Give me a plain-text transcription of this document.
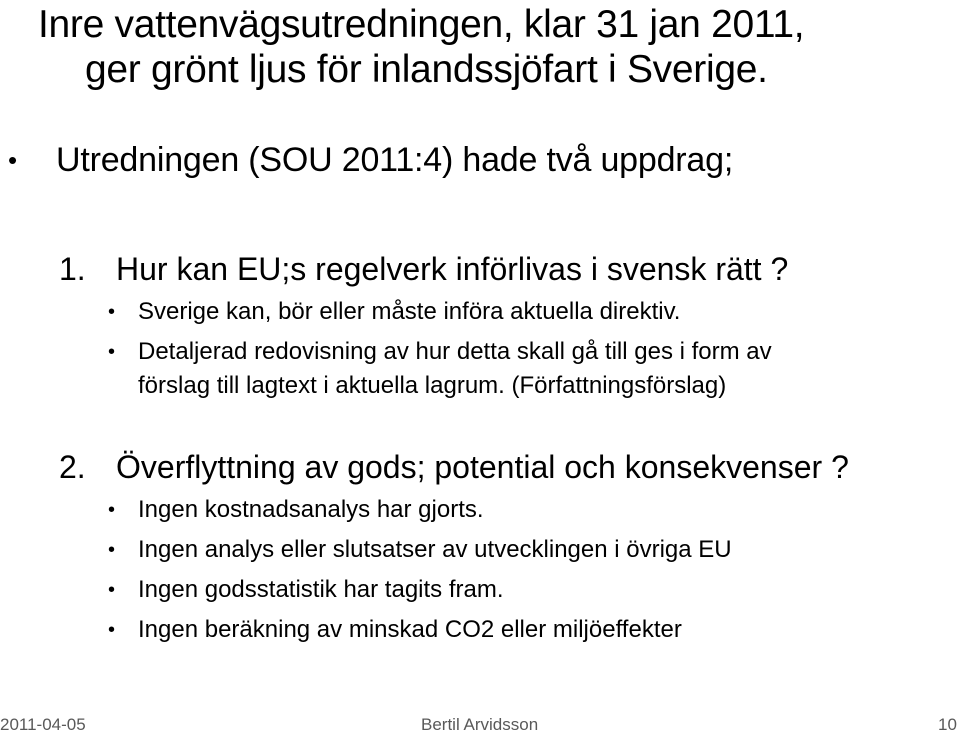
Inre vattenvägsutredningen, klar 31 jan 2011,
ger grönt ljus för inlandssjöfart i Sverige.
• Utredningen (SOU 2011:4) hade två uppdrag;
1. Hur kan EU;s regelverk införlivas i svensk rätt ?
• Sverige kan, bör eller måste införa aktuella direktiv.
• Detaljerad redovisning av hur detta skall gå till ges i form av
förslag till lagtext i aktuella lagrum. (Författningsförslag)
2. Överflyttning av gods; potential och konsekvenser ?
• Ingen kostnadsanalys har gjorts.
• Ingen analys eller slutsatser av utvecklingen i övriga EU
• Ingen godsstatistik har tagits fram.
• Ingen beräkning av minskad CO2 eller miljöeffekter
2011-04-05	Bertil Arvidsson	10
